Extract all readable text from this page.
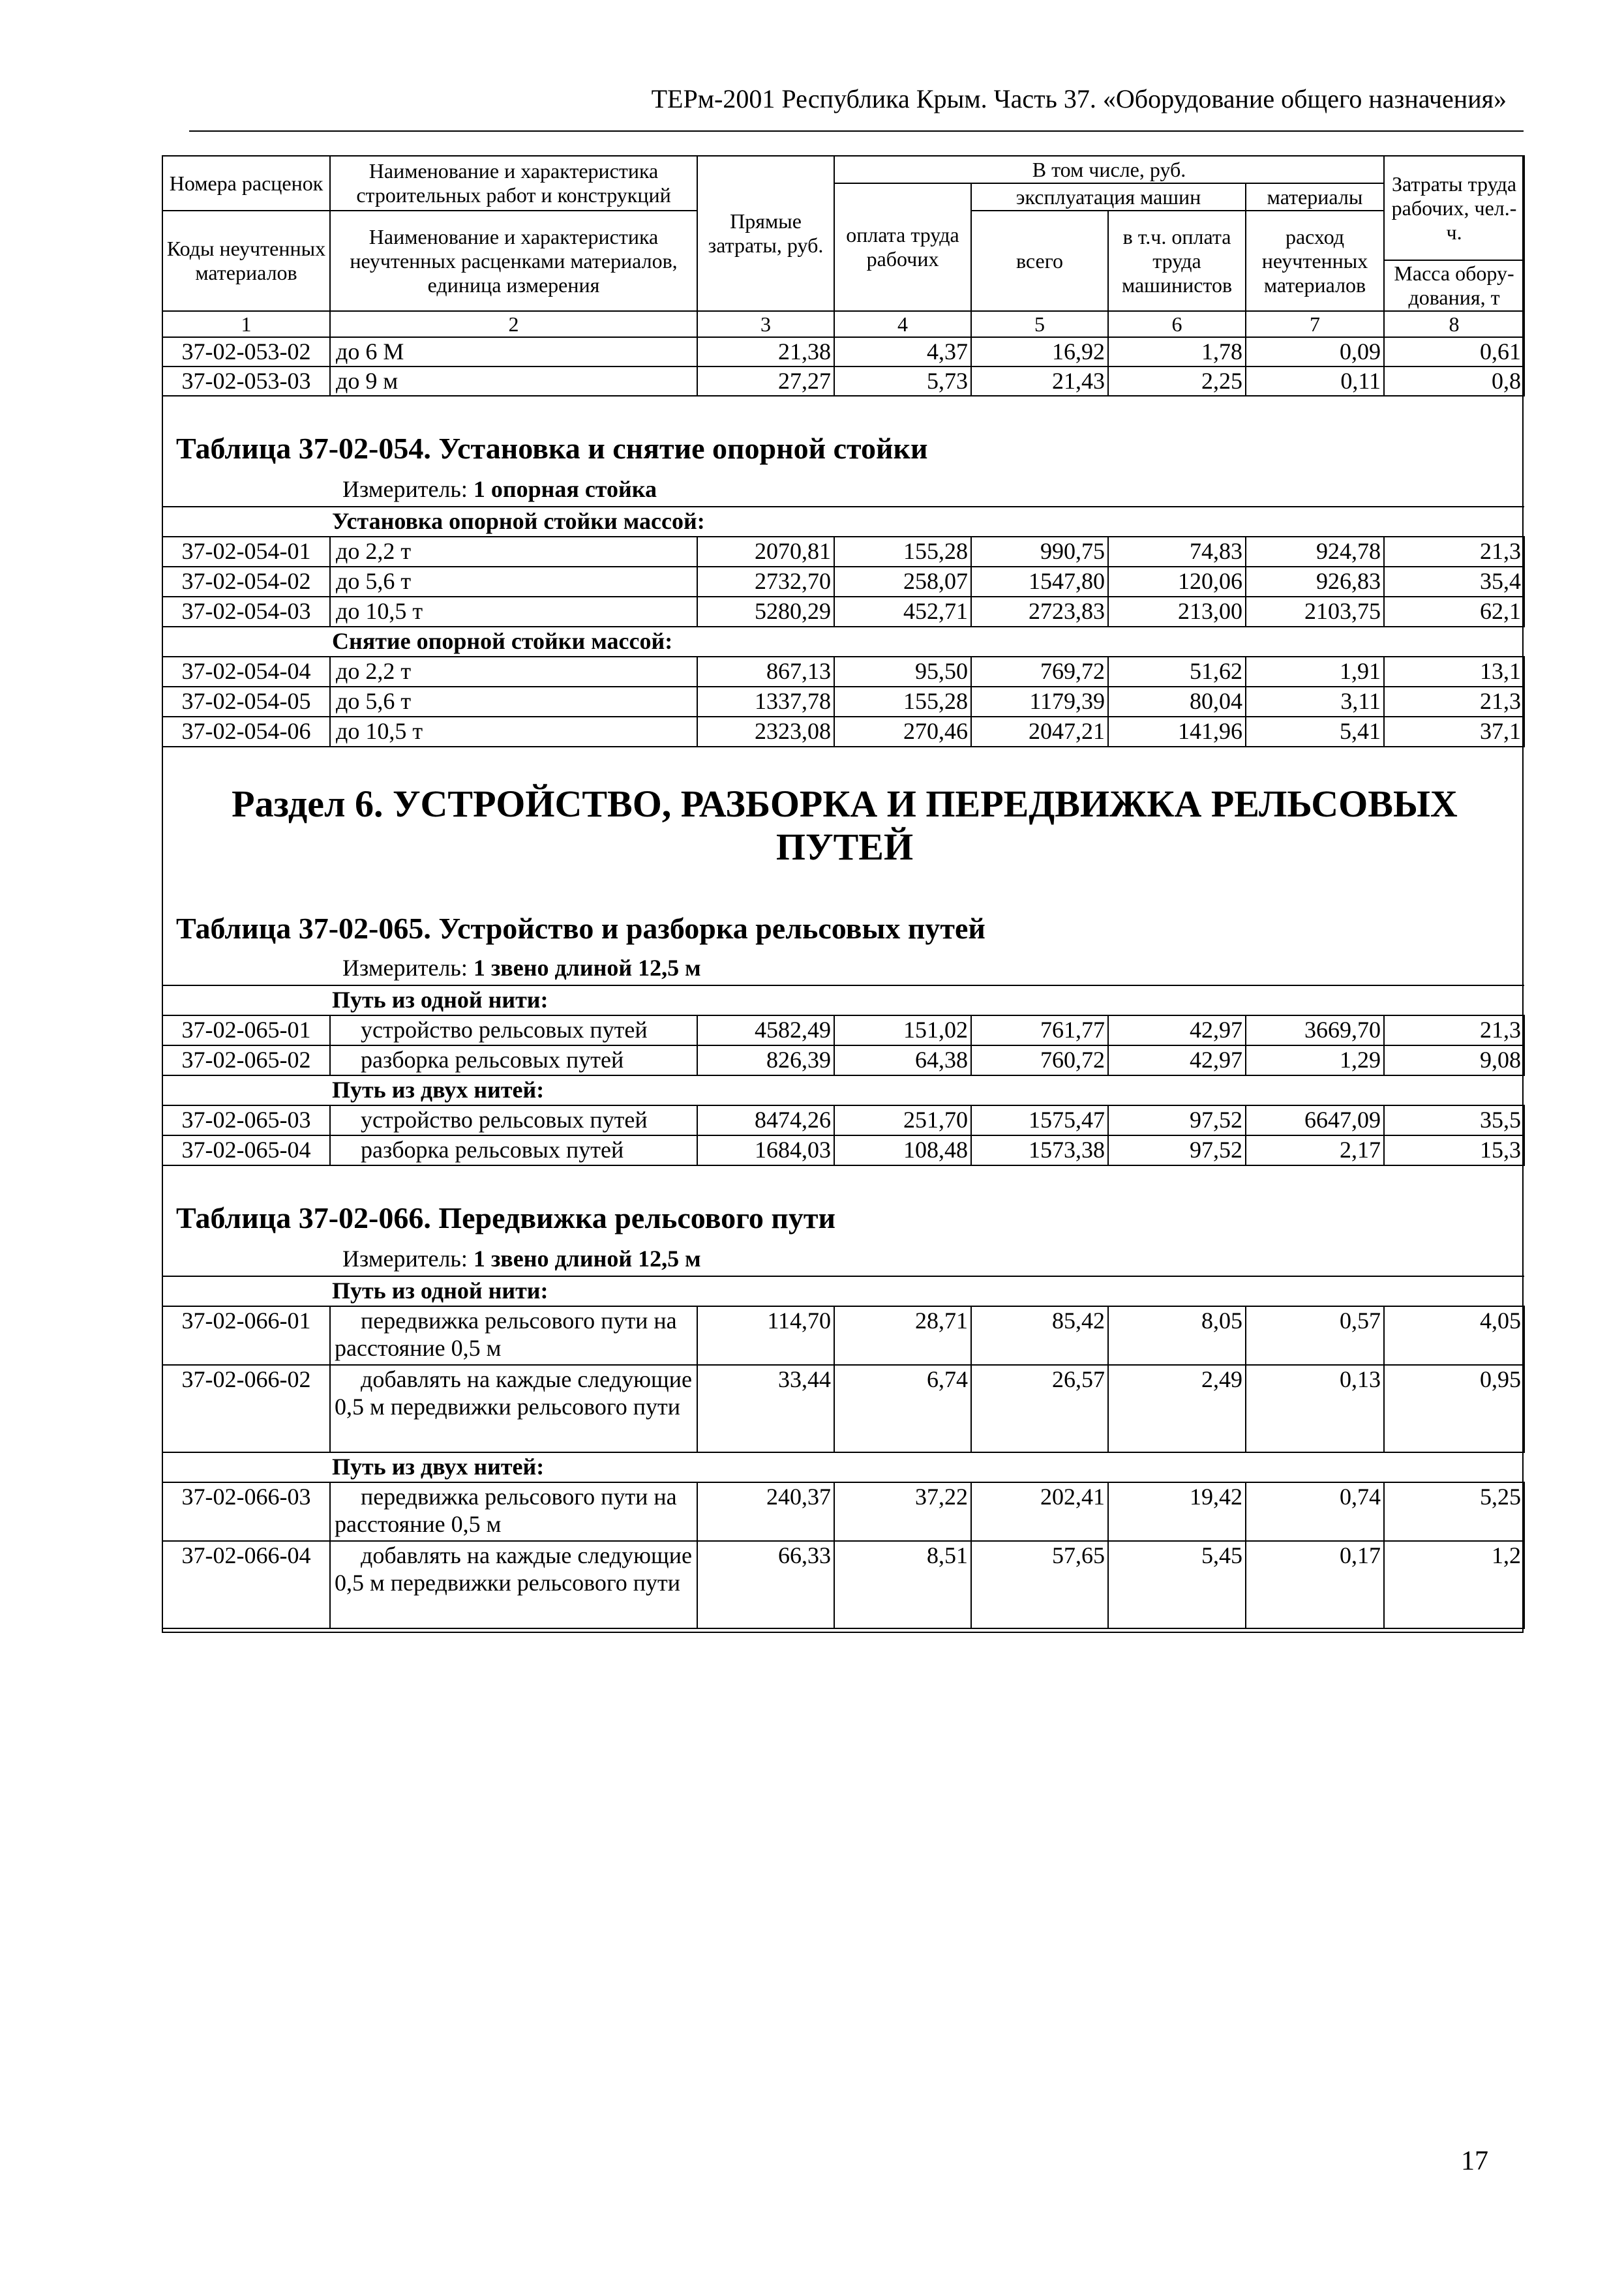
ТЕРм-2001 Республика Крым. Часть 37. «Оборудование общего назначения»
Номера расценок	Наименование и характеристика строительных работ и конструкций	Прямые затраты, руб.	В том числе, руб.				Затраты труда рабочих, чел.-ч.
			оплата труда рабочих	эксплуатация машин		материалы	
Коды неучтенных материалов	Наименование и характеристика неучтенных расценками материалов, единица измерения			всего	в т.ч. оплата труда машинистов	расход неучтенных материалов	
							Масса обору-дования, т
1	2	3	4	5	6	7	8
37-02-053-02	до 6 М	21,38	4,37	16,92	1,78	0,09	0,61
37-02-053-03	до 9 м	27,27	5,73	21,43	2,25	0,11	0,8
Таблица 37-02-054. Установка и снятие опорной стойки
Измеритель: 1 опорная стойка
Установка опорной стойки массой:							
37-02-054-01	до 2,2 т	2070,81	155,28	990,75	74,83	924,78	21,3
37-02-054-02	до 5,6 т	2732,70	258,07	1547,80	120,06	926,83	35,4
37-02-054-03	до 10,5 т	5280,29	452,71	2723,83	213,00	2103,75	62,1
Снятие опорной стойки массой:							
37-02-054-04	до 2,2 т	867,13	95,50	769,72	51,62	1,91	13,1
37-02-054-05	до 5,6 т	1337,78	155,28	1179,39	80,04	3,11	21,3
37-02-054-06	до 10,5 т	2323,08	270,46	2047,21	141,96	5,41	37,1
Раздел 6. УСТРОЙСТВО, РАЗБОРКА И ПЕРЕДВИЖКА РЕЛЬСОВЫХ
ПУТЕЙ
Таблица 37-02-065. Устройство и разборка рельсовых путей
Измеритель: 1 звено длиной 12,5 м
Путь из одной нити:							
37-02-065-01	устройство рельсовых путей	4582,49	151,02	761,77	42,97	3669,70	21,3
37-02-065-02	разборка рельсовых путей	826,39	64,38	760,72	42,97	1,29	9,08
Путь из двух нитей:							
37-02-065-03	устройство рельсовых путей	8474,26	251,70	1575,47	97,52	6647,09	35,5
37-02-065-04	разборка рельсовых путей	1684,03	108,48	1573,38	97,52	2,17	15,3
Таблица 37-02-066. Передвижка рельсового пути
Измеритель: 1 звено длиной 12,5 м
Путь из одной нити:							
37-02-066-01	передвижка рельсового пути на расстояние 0,5 м	114,70	28,71	85,42	8,05	0,57	4,05
37-02-066-02	добавлять на каждые следующие 0,5 м передвижки рельсового пути	33,44	6,74	26,57	2,49	0,13	0,95
Путь из двух нитей:							
37-02-066-03	передвижка рельсового пути на расстояние 0,5 м	240,37	37,22	202,41	19,42	0,74	5,25
37-02-066-04	добавлять на каждые следующие 0,5 м передвижки рельсового пути	66,33	8,51	57,65	5,45	0,17	1,2
17
